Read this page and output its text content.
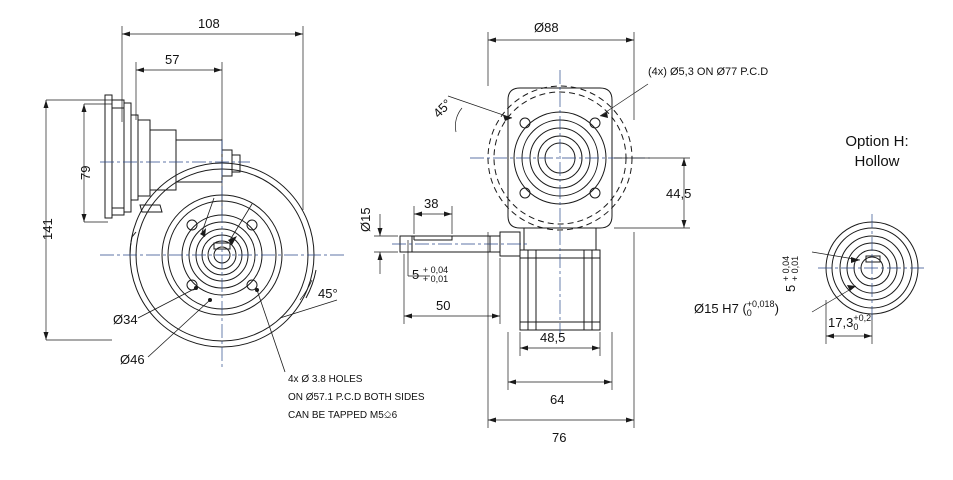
108
57
79
141
45°
Ø34
Ø46
4x Ø 3.8 HOLES
ON Ø57.1 P.C.D BOTH SIDES
CAN BE TAPPED M5⎐6
Ø88
45°
Ø15
38
44,5
50
48,5
64
76
(4x) Ø5,3 ON Ø77 P.C.D
5 + 0,04
+ 0,01
Option H:
Hollow
5
+ 0,04 + 0,01
Ø15 H7 ( +0,018
0	)
17,3 +0,2
0
